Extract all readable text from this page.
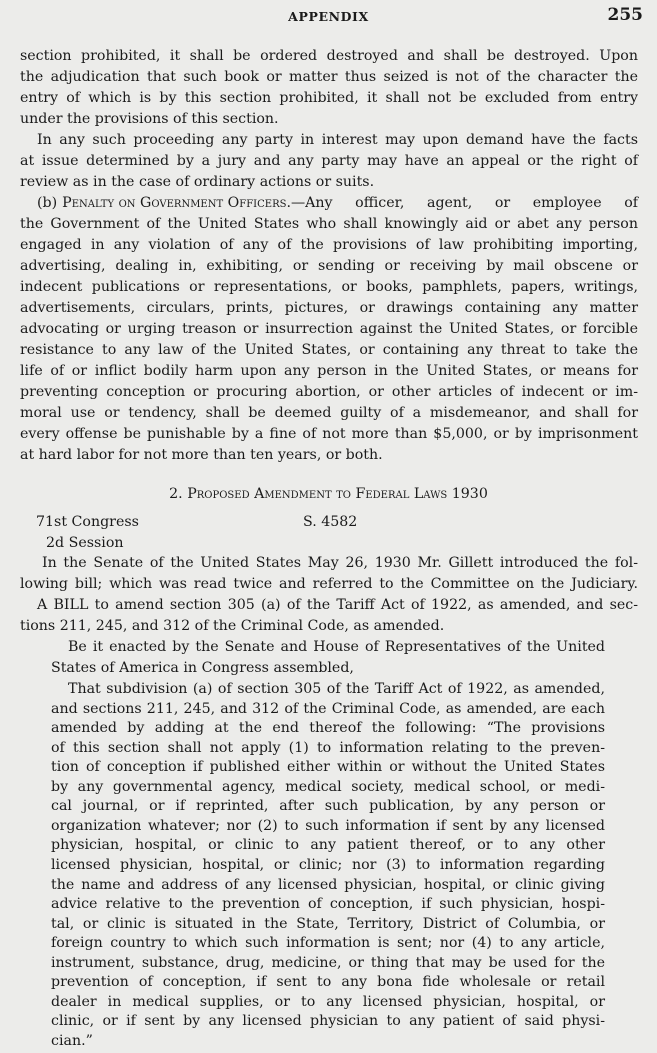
APPENDIX	255
section prohibited, it shall be ordered destroyed and shall be destroyed. Upon
the adjudication that such book or matter thus seized is not of the character the
entry of which is by this section prohibited, it shall not be excluded from entry
under the provisions of this section.
In any such proceeding any party in interest may upon demand have the facts
at issue determined by a jury and any party may have an appeal or the right of
review as in the case of ordinary actions or suits.
(b) Penalty on Government Officers. —Any officer, agent, or employee of
the Government of the United States who shall knowingly aid or abet any person
engaged in any violation of any of the provisions of law prohibiting importing,
advertising, dealing in, exhibiting, or sending or receiving by mail obscene or
indecent publications or representations, or books, pamphlets, papers, writings,
advertisements, circulars, prints, pictures, or drawings containing any matter
advocating or urging treason or insurrection against the United States, or forcible
resistance to any law of the United States, or containing any threat to take the
life of or inflict bodily harm upon any person in the United States, or means for
preventing conception or procuring abortion, or other articles of indecent or im-
moral use or tendency, shall be deemed guilty of a misdemeanor, and shall for
every offense be punishable by a fine of not more than $5,000, or by imprisonment
at hard labor for not more than ten years, or both.
2. Proposed Amendment to Federal Laws 1930
71st Congress	S. 4582
2d Session
In the Senate of the United States May 26, 1930 Mr. Gillett introduced the fol-
lowing bill; which was read twice and referred to the Committee on the Judiciary.
A BILL to amend section 305 (a) of the Tariff Act of 1922, as amended, and sec-
tions 211, 245, and 312 of the Criminal Code, as amended.
Be it enacted by the Senate and House of Representatives of the United
States of America in Congress assembled,
That subdivision (a) of section 305 of the Tariff Act of 1922, as amended,
and sections 211, 245, and 312 of the Criminal Code, as amended, are each
amended by adding at the end thereof the following: “The provisions
of this section shall not apply (1) to information relating to the preven-
tion of conception if published either within or without the United States
by any governmental agency, medical society, medical school, or medi-
cal journal, or if reprinted, after such publication, by any person or
organization whatever; nor (2) to such information if sent by any licensed
physician, hospital, or clinic to any patient thereof, or to any other
licensed physician, hospital, or clinic; nor (3) to information regarding
the name and address of any licensed physician, hospital, or clinic giving
advice relative to the prevention of conception, if such physician, hospi-
tal, or clinic is situated in the State, Territory, District of Columbia, or
foreign country to which such information is sent; nor (4) to any article,
instrument, substance, drug, medicine, or thing that may be used for the
prevention of conception, if sent to any bona fide wholesale or retail
dealer in medical supplies, or to any licensed physician, hospital, or
clinic, or if sent by any licensed physician to any patient of said physi-
cian.”
